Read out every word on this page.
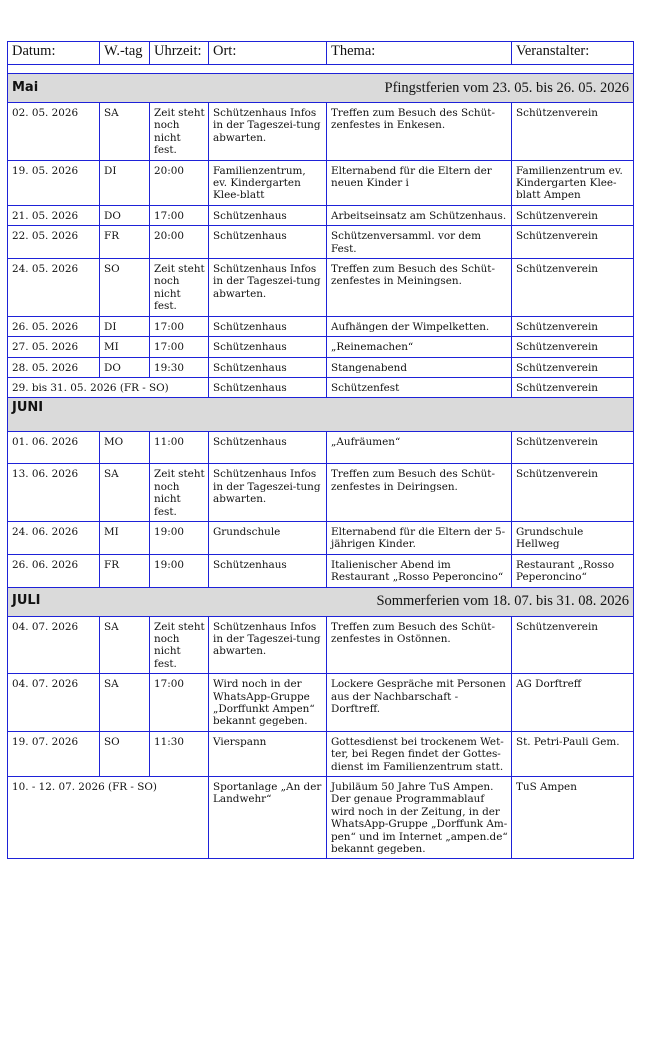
Datum:	W.-tag	Uhrzeit:	Ort:	Thema:	Veranstalter:

Mai Pfingstferien vom 23. 05. bis 26. 05. 2026					

02. 05. 2026	SA	Zeit steht noch nicht fest.	Schützenhaus Infos in der Tageszei-tung abwarten.	Treffen zum Besuch des Schüt-zenfestes in Enkesen.	Schützenverein
19. 05. 2026	DI	20:00	Familienzentrum, ev. Kindergarten Klee-blatt	Elternabend für die Eltern der neuen Kinder i	Familienzentrum ev. Kindergarten Klee-blatt Ampen
21. 05. 2026	DO	17:00	Schützenhaus	Arbeitseinsatz am Schützenhaus.	Schützenverein
22. 05. 2026	FR	20:00	Schützenhaus	Schützenversamml. vor dem Fest.	Schützenverein
24. 05. 2026	SO	Zeit steht noch nicht fest.	Schützenhaus Infos in der Tageszei-tung abwarten.	Treffen zum Besuch des Schüt-zenfestes in Meiningsen.	Schützenverein
26. 05. 2026	DI	17:00	Schützenhaus	Aufhängen der Wimpelketten.	Schützenverein
27. 05. 2026	MI	17:00	Schützenhaus	„Reinemachen“	Schützenverein
28. 05. 2026	DO	19:30	Schützenhaus	Stangenabend	Schützenverein
29. bis 31. 05. 2026 (FR - SO)			Schützenhaus	Schützenfest	Schützenverein

JUNI					

01. 06. 2026	MO	11:00	Schützenhaus	„Aufräumen“	Schützenverein
13. 06. 2026	SA	Zeit steht noch nicht fest.	Schützenhaus Infos in der Tageszei-tung abwarten.	Treffen zum Besuch des Schüt-zenfestes in Deiringsen.	Schützenverein
24. 06. 2026	MI	19:00	Grundschule	Elternabend für die Eltern der 5-jährigen Kinder.	Grundschule Hellweg
26. 06. 2026	FR	19:00	Schützenhaus	Italienischer Abend im Restaurant „Rosso Peperoncino“	Restaurant „Rosso Peperoncino“

JULI Sommerferien vom 18. 07. bis 31. 08. 2026					

04. 07. 2026	SA	Zeit steht noch nicht fest.	Schützenhaus Infos in der Tageszei-tung abwarten.	Treffen zum Besuch des Schüt-zenfestes in Ostönnen.	Schützenverein
04. 07. 2026	SA	17:00	Wird noch in der WhatsApp-Gruppe „Dorffunkt Ampen“ bekannt gegeben.	Lockere Gespräche mit Personen aus der Nachbarschaft - Dorftreff.	AG Dorftreff
19. 07. 2026	SO	11:30	Vierspann	Gottesdienst bei trockenem Wet-ter, bei Regen findet der Gottes-dienst im Familienzentrum statt.	St. Petri-Pauli Gem.
10. - 12. 07. 2026 (FR - SO)			Sportanlage „An der Landwehr“	Jubiläum 50 Jahre TuS Ampen. Der genaue Programmablauf wird noch in der Zeitung, in der WhatsApp-Gruppe „Dorffunk Am-pen“ und im Internet „ampen.de“ bekannt gegeben.	TuS Ampen
